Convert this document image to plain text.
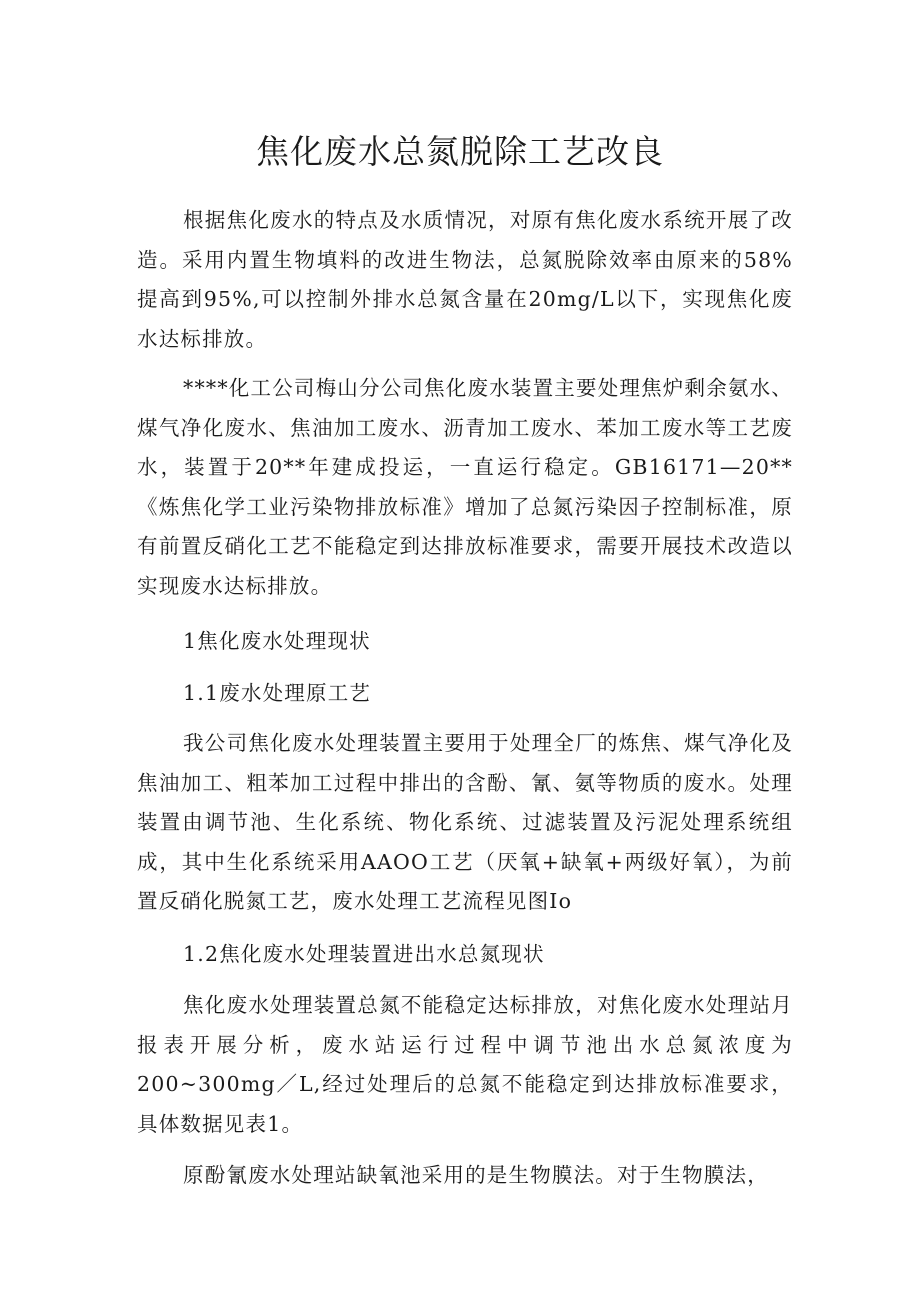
焦化废水总氮脱除工艺改良

根据焦化废水的特点及水质情况，对原有焦化废水系统开展了改造。采用内置生物填料的改进生物法，总氮脱除效率由原来的58%提高到95%,可以控制外排水总氮含量在20mg/L以下，实现焦化废水达标排放。

****化工公司梅山分公司焦化废水装置主要处理焦炉剩余氨水、煤气净化废水、焦油加工废水、沥青加工废水、苯加工废水等工艺废水，装置于20**年建成投运，一直运行稳定。GB16171—20**《炼焦化学工业污染物排放标准》增加了总氮污染因子控制标准，原有前置反硝化工艺不能稳定到达排放标准要求，需要开展技术改造以实现废水达标排放。

1焦化废水处理现状

1.1废水处理原工艺

我公司焦化废水处理装置主要用于处理全厂的炼焦、煤气净化及焦油加工、粗苯加工过程中排出的含酚、氰、氨等物质的废水。处理装置由调节池、生化系统、物化系统、过滤装置及污泥处理系统组成，其中生化系统采用AAOO工艺（厌氧+缺氧+两级好氧），为前置反硝化脱氮工艺，废水处理工艺流程见图Io

1.2焦化废水处理装置进出水总氮现状

焦化废水处理装置总氮不能稳定达标排放，对焦化废水处理站月报表开展分析，废水站运行过程中调节池出水总氮浓度为200~300mg／L,经过处理后的总氮不能稳定到达排放标准要求，具体数据见表1。

原酚氰废水处理站缺氧池采用的是生物膜法。对于生物膜法，
